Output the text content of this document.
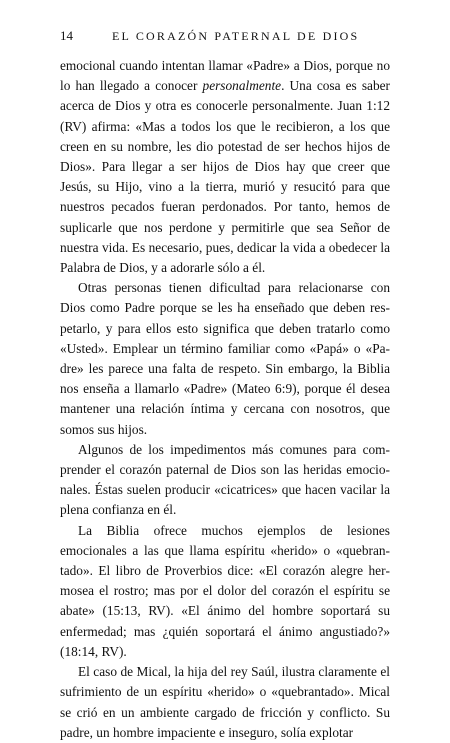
14	EL CORAZÓN PATERNAL DE DIOS

emocional cuando intentan llamar «Padre» a Dios, porque no lo han llegado a conocer personalmente. Una cosa es saber acerca de Dios y otra es conocerle personalmente. Juan 1:12 (RV) afirma: «Mas a todos los que le recibieron, a los que creen en su nombre, les dio potestad de ser hechos hijos de Dios». Para llegar a ser hijos de Dios hay que creer que Jesús, su Hijo, vino a la tierra, murió y resucitó para que nuestros pecados fueran perdonados. Por tanto, hemos de suplicarle que nos perdone y permitirle que sea Señor de nuestra vida. Es necesario, pues, dedicar la vida a obedecer la Palabra de Dios, y a adorarle sólo a él.

Otras personas tienen dificultad para relacionarse con Dios como Padre porque se les ha enseñado que deben respetarlo, y para ellos esto significa que deben tratarlo como «Usted». Emplear un término familiar como «Papá» o «Padre» les parece una falta de respeto. Sin embargo, la Biblia nos enseña a llamarlo «Padre» (Mateo 6:9), porque él desea mantener una relación íntima y cercana con nosotros, que somos sus hijos.

Algunos de los impedimentos más comunes para comprender el corazón paternal de Dios son las heridas emocionales. Éstas suelen producir «cicatrices» que hacen vacilar la plena confianza en él.

La Biblia ofrece muchos ejemplos de lesiones emocionales a las que llama espíritu «herido» o «quebrantado». El libro de Proverbios dice: «El corazón alegre hermosea el rostro; mas por el dolor del corazón el espíritu se abate» (15:13, RV). «El ánimo del hombre soportará su enfermedad; mas ¿quién soportará el ánimo angustiado?» (18:14, RV).

El caso de Mical, la hija del rey Saúl, ilustra claramente el sufrimiento de un espíritu «herido» o «quebrantado». Mical se crió en un ambiente cargado de fricción y conflicto. Su padre, un hombre impaciente e inseguro, solía explotar
